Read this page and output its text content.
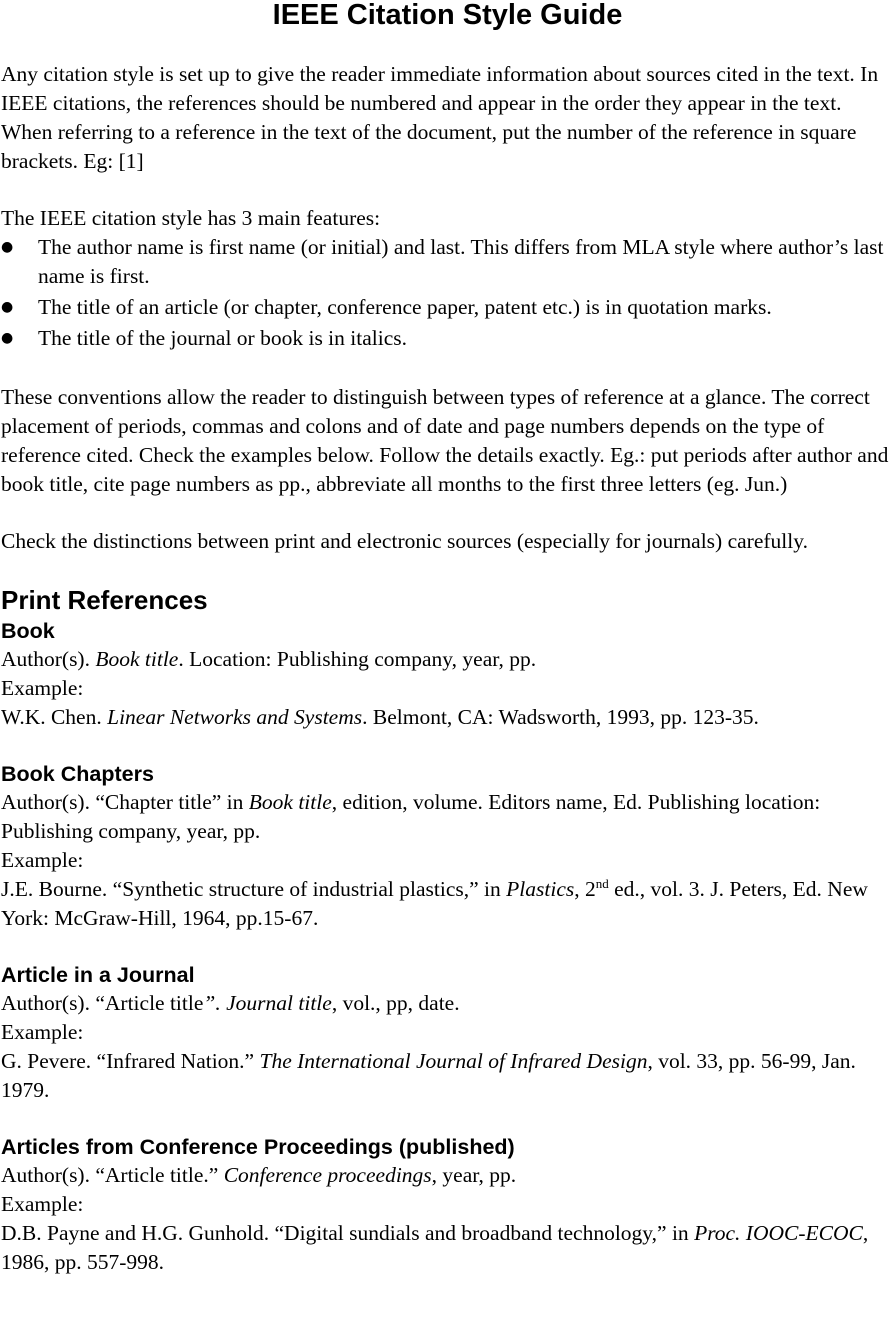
IEEE Citation Style Guide

Any citation style is set up to give the reader immediate information about sources cited in the text. In IEEE citations, the references should be numbered and appear in the order they appear in the text. When referring to a reference in the text of the document, put the number of the reference in square brackets. Eg: [1]

The IEEE citation style has 3 main features:

●	The author name is first name (or initial) and last. This differs from MLA style where author’s last name is first.
●	The title of an article (or chapter, conference paper, patent etc.) is in quotation marks.
●	The title of the journal or book is in italics.

These conventions allow the reader to distinguish between types of reference at a glance. The correct placement of periods, commas and colons and of date and page numbers depends on the type of reference cited. Check the examples below. Follow the details exactly. Eg.: put periods after author and book title, cite page numbers as pp., abbreviate all months to the first three letters (eg. Jun.)

Check the distinctions between print and electronic sources (especially for journals) carefully.

Print References
Book

Author(s). Book title. Location: Publishing company, year, pp.

Example:

W.K. Chen. Linear Networks and Systems. Belmont, CA: Wadsworth, 1993, pp. 123-35.

Book Chapters

Author(s). “Chapter title” in Book title, edition, volume. Editors name, Ed. Publishing location: Publishing company, year, pp.

Example:

J.E. Bourne. “Synthetic structure of industrial plastics,” in Plastics, 2nd ed., vol. 3. J. Peters, Ed. New York: McGraw-Hill, 1964, pp.15-67.

Article in a Journal

Author(s). “Article title”. Journal title, vol., pp, date.

Example:

G. Pevere. “Infrared Nation.” The International Journal of Infrared Design, vol. 33, pp. 56-99, Jan. 1979.

Articles from Conference Proceedings (published)

Author(s). “Article title.” Conference proceedings, year, pp.

Example:

D.B. Payne and H.G. Gunhold. “Digital sundials and broadband technology,” in Proc. IOOC-ECOC, 1986, pp. 557-998.
